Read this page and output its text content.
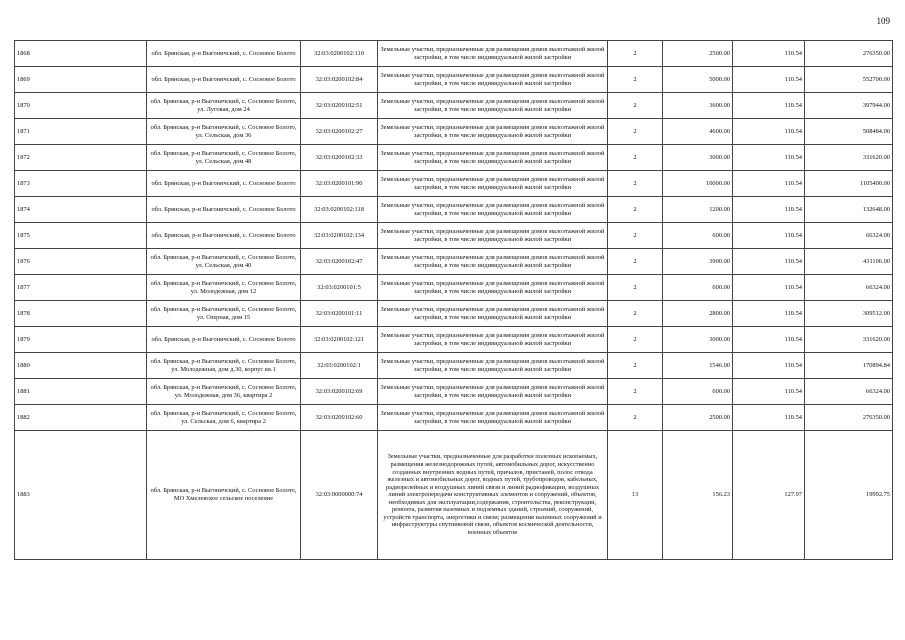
109
1868	обл. Брянская, р-н Выгоничский, с. Сосновое Болото	32:03:0200102:110	Земельные участки, предназначенные для размещения домов малоэтажной жилой застройки, в том числе индивидуальной жилой застройки	2	2500.00	110.54	276350.00
1869	обл. Брянская, р-н Выгоничский, с. Сосновое Болото	32:03:0200102:84	Земельные участки, предназначенные для размещения домов малоэтажной жилой застройки, в том числе индивидуальной жилой застройки	2	5000.00	110.54	552700.00
1870	обл. Брянская, р-н Выгоничский, с. Сосновое Болото, ул. Луговая, дом 24	32:03:0200102:51	Земельные участки, предназначенные для размещения домов малоэтажной жилой застройки, в том числе индивидуальной жилой застройки	2	3600.00	110.54	397944.00
1871	обл. Брянская, р-н Выгоничский, с. Сосновое Болото, ул. Сельская, дом 36	32:03:0200102:27	Земельные участки, предназначенные для размещения домов малоэтажной жилой застройки, в том числе индивидуальной жилой застройки	2	4600.00	110.54	508484.00
1872	обл. Брянская, р-н Выгоничский, с. Сосновое Болото, ул. Сельская, дом 48	32:03:0200102:33	Земельные участки, предназначенные для размещения домов малоэтажной жилой застройки, в том числе индивидуальной жилой застройки	2	3000.00	110.54	331620.00
1873	обл. Брянская, р-н Выгоничский, с. Сосновое Болото	32:03:0200101:90	Земельные участки, предназначенные для размещения домов малоэтажной жилой застройки, в том числе индивидуальной жилой застройки	2	10000.00	110.54	1105400.00
1874	обл. Брянская, р-н Выгоничский, с. Сосновое Болото	32:03:0200102:118	Земельные участки, предназначенные для размещения домов малоэтажной жилой застройки, в том числе индивидуальной жилой застройки	2	1200.00	110.54	132648.00
1875	обл. Брянская, р-н Выгоничский, с. Сосновое Болото	32:03:0200102:134	Земельные участки, предназначенные для размещения домов малоэтажной жилой застройки, в том числе индивидуальной жилой застройки	2	600.00	110.54	66324.00
1876	обл. Брянская, р-н Выгоничский, с. Сосновое Болото, ул. Сельская, дом 40	32:03:0200102:47	Земельные участки, предназначенные для размещения домов малоэтажной жилой застройки, в том числе индивидуальной жилой застройки	2	3900.00	110.54	431106.00
1877	обл. Брянская, р-н Выгоничский, с. Сосновое Болото, ул. Молодежная, дом 12	32:03:0200101:5	Земельные участки, предназначенные для размещения домов малоэтажной жилой застройки, в том числе индивидуальной жилой застройки	2	600.00	110.54	66324.00
1878	обл. Брянская, р-н Выгоничский, с. Сосновое Болото, ул. Озерная, дом 15	32:03:0200101:11	Земельные участки, предназначенные для размещения домов малоэтажной жилой застройки, в том числе индивидуальной жилой застройки	2	2800.00	110.54	309512.00
1879	обл. Брянская, р-н Выгоничский, с. Сосновое Болото	32:03:0200102:121	Земельные участки, предназначенные для размещения домов малоэтажной жилой застройки, в том числе индивидуальной жилой застройки	2	3000.00	110.54	331620.00
1880	обл. Брянская, р-н Выгоничский, с. Сосновое Болото, ул. Молодежная, дом д.30, корпус кв.1	32:03:0200102:1	Земельные участки, предназначенные для размещения домов малоэтажной жилой застройки, в том числе индивидуальной жилой застройки	2	1546.00	110.54	170894.84
1881	обл. Брянская, р-н Выгоничский, с. Сосновое Болото, ул. Молодежная, дом 36, квартира 2	32:03:0200102:69	Земельные участки, предназначенные для размещения домов малоэтажной жилой застройки, в том числе индивидуальной жилой застройки	2	600.00	110.54	66324.00
1882	обл. Брянская, р-н Выгоничский, с. Сосновое Болото, ул. Сельская, дом 6, квартира 2	32:03:0200102:60	Земельные участки, предназначенные для размещения домов малоэтажной жилой застройки, в том числе индивидуальной жилой застройки	2	2500.00	110.54	276350.00
1883	обл. Брянская, р-н Выгоничский, с. Сосновое Болото, МО Хмелевское сельское поселение	32:03:0000000:74	Земельные участки, предназначенные для разработки полезных ископаемых, размещения железнодорожных путей, автомобильных дорог, искусственно созданных внутренних водных путей, причалов, пристаней, полос отвода железных и автомобильных дорог, водных путей, трубопроводов, кабельных, радиорелейных и воздушных линий связи и линий радиофикации, воздушных линий электропередачи конструктивных элементов и сооружений, объектов, необходимых для эксплуатации,содержания, строительства, реконструкции, ремонта, развития наземных и подземных зданий, строений, сооружений, устройств транспорта, энергетики и связи; размещения наземных сооружений и инфраструктуры спутниковой связи, объектов космической деятельности, военных объектов	13	156.23	127.97	19992.75
